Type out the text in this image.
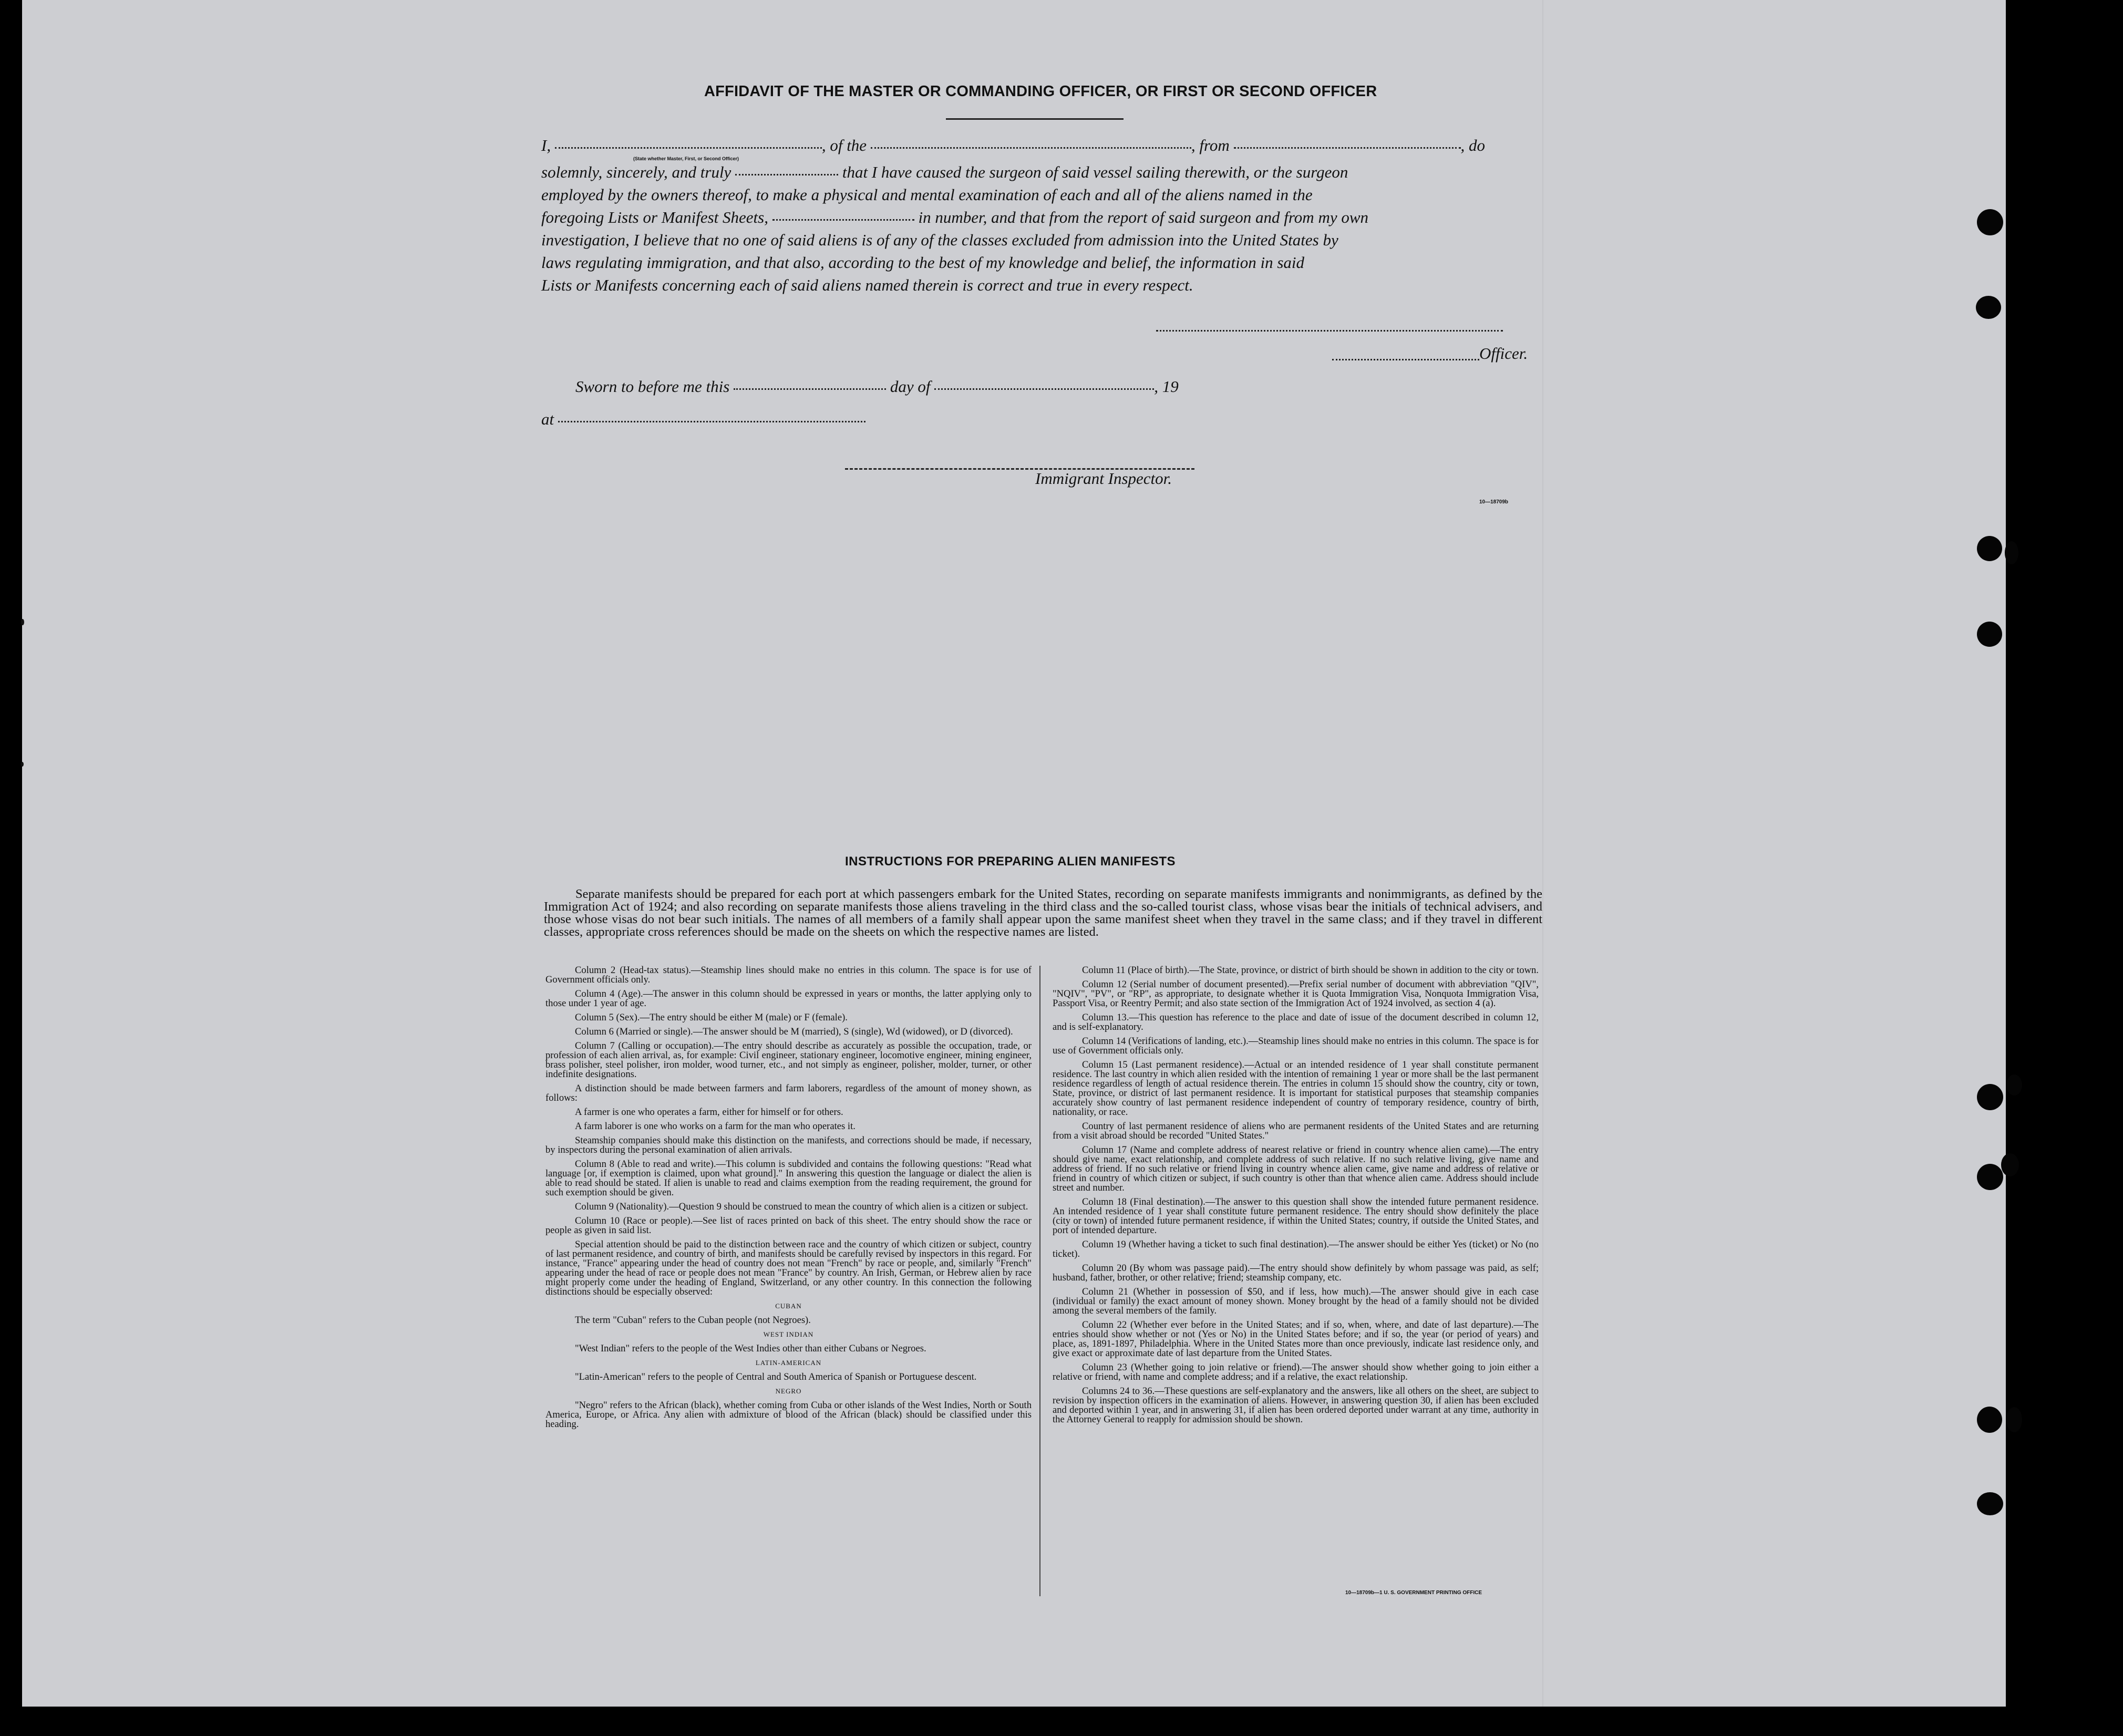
AFFIDAVIT OF THE MASTER OR COMMANDING OFFICER, OR FIRST OR SECOND OFFICER
I,	, of the	, from	, do
(State whether Master, First, or Second Officer)
solemnly, sincerely, and truly	that I have caused the surgeon of said vessel sailing therewith, or the surgeon
employed by the owners thereof, to make a physical and mental examination of each and all of the aliens named in the
foregoing Lists or Manifest Sheets,	in number, and that from the report of said surgeon and from my own
investigation, I believe that no one of said aliens is of any of the classes excluded from admission into the United States by
laws regulating immigration, and that also, according to the best of my knowledge and belief, the information in said
Lists or Manifests concerning each of said aliens named therein is correct and true in every respect.
Officer.
Sworn to before me this	day of	, 19
at
Immigrant Inspector.
10—18709b
INSTRUCTIONS FOR PREPARING ALIEN MANIFESTS
Separate manifests should be prepared for each port at which passengers embark for the United States, recording on separate manifests immigrants and nonimmigrants, as defined by the Immigration Act of 1924; and also recording on separate manifests those aliens traveling in the third class and the so-called tourist class, whose visas bear the initials of technical advisers, and those whose visas do not bear such initials. The names of all members of a family shall appear upon the same manifest sheet when they travel in the same class; and if they travel in different classes, appropriate cross references should be made on the sheets on which the respective names are listed.

Column 2 (Head-tax status).—Steamship lines should make no entries in this column. The space is for use of Government officials only.

Column 4 (Age).—The answer in this column should be expressed in years or months, the latter applying only to those under 1 year of age.

Column 5 (Sex).—The entry should be either M (male) or F (female).

Column 6 (Married or single).—The answer should be M (married), S (single), Wd (widowed), or D (divorced).

Column 7 (Calling or occupation).—The entry should describe as accurately as possible the occupation, trade, or profession of each alien arrival, as, for example: Civil engineer, stationary engineer, locomotive engineer, mining engineer, brass polisher, steel polisher, iron molder, wood turner, etc., and not simply as engineer, polisher, molder, turner, or other indefinite designations.

A distinction should be made between farmers and farm laborers, regardless of the amount of money shown, as follows:

A farmer is one who operates a farm, either for himself or for others.

A farm laborer is one who works on a farm for the man who operates it.

Steamship companies should make this distinction on the manifests, and corrections should be made, if necessary, by inspectors during the personal examination of alien arrivals.

Column 8 (Able to read and write).—This column is subdivided and contains the following questions: "Read what language [or, if exemption is claimed, upon what ground]." In answering this question the language or dialect the alien is able to read should be stated. If alien is unable to read and claims exemption from the reading requirement, the ground for such exemption should be given.

Column 9 (Nationality).—Question 9 should be construed to mean the country of which alien is a citizen or subject.

Column 10 (Race or people).—See list of races printed on back of this sheet. The entry should show the race or people as given in said list.

Special attention should be paid to the distinction between race and the country of which citizen or subject, country of last permanent residence, and country of birth, and manifests should be carefully revised by inspectors in this regard. For instance, "France" appearing under the head of country does not mean "French" by race or people, and, similarly "French" appearing under the head of race or people does not mean "France" by country. An Irish, German, or Hebrew alien by race might properly come under the heading of England, Switzerland, or any other country. In this connection the following distinctions should be especially observed:

CUBAN

The term "Cuban" refers to the Cuban people (not Negroes).

WEST INDIAN

"West Indian" refers to the people of the West Indies other than either Cubans or Negroes.

LATIN-AMERICAN

"Latin-American" refers to the people of Central and South America of Spanish or Portuguese descent.

NEGRO

"Negro" refers to the African (black), whether coming from Cuba or other islands of the West Indies, North or South America, Europe, or Africa. Any alien with admixture of blood of the African (black) should be classified under this heading.

Column 11 (Place of birth).—The State, province, or district of birth should be shown in addition to the city or town.

Column 12 (Serial number of document presented).—Prefix serial number of document with abbreviation "QIV", "NQIV", "PV", or "RP", as appropriate, to designate whether it is Quota Immigration Visa, Nonquota Immigration Visa, Passport Visa, or Reentry Permit; and also state section of the Immigration Act of 1924 involved, as section 4 (a).

Column 13.—This question has reference to the place and date of issue of the document described in column 12, and is self-explanatory.

Column 14 (Verifications of landing, etc.).—Steamship lines should make no entries in this column. The space is for use of Government officials only.

Column 15 (Last permanent residence).—Actual or an intended residence of 1 year shall constitute permanent residence. The last country in which alien resided with the intention of remaining 1 year or more shall be the last permanent residence regardless of length of actual residence therein. The entries in column 15 should show the country, city or town, State, province, or district of last permanent residence. It is important for statistical purposes that steamship companies accurately show country of last permanent residence independent of country of temporary residence, country of birth, nationality, or race.

Country of last permanent residence of aliens who are permanent residents of the United States and are returning from a visit abroad should be recorded "United States."

Column 17 (Name and complete address of nearest relative or friend in country whence alien came).—The entry should give name, exact relationship, and complete address of such relative. If no such relative living, give name and address of friend. If no such relative or friend living in country whence alien came, give name and address of relative or friend in country of which citizen or subject, if such country is other than that whence alien came. Address should include street and number.

Column 18 (Final destination).—The answer to this question shall show the intended future permanent residence. An intended residence of 1 year shall constitute future permanent residence. The entry should show definitely the place (city or town) of intended future permanent residence, if within the United States; country, if outside the United States, and port of intended departure.

Column 19 (Whether having a ticket to such final destination).—The answer should be either Yes (ticket) or No (no ticket).

Column 20 (By whom was passage paid).—The entry should show definitely by whom passage was paid, as self; husband, father, brother, or other relative; friend; steamship company, etc.

Column 21 (Whether in possession of $50, and if less, how much).—The answer should give in each case (individual or family) the exact amount of money shown. Money brought by the head of a family should not be divided among the several members of the family.

Column 22 (Whether ever before in the United States; and if so, when, where, and date of last departure).—The entries should show whether or not (Yes or No) in the United States before; and if so, the year (or period of years) and place, as, 1891-1897, Philadelphia. Where in the United States more than once previously, indicate last residence only, and give exact or approximate date of last departure from the United States.

Column 23 (Whether going to join relative or friend).—The answer should show whether going to join either a relative or friend, with name and complete address; and if a relative, the exact relationship.

Columns 24 to 36.—These questions are self-explanatory and the answers, like all others on the sheet, are subject to revision by inspection officers in the examination of aliens. However, in answering question 30, if alien has been excluded and deported within 1 year, and in answering 31, if alien has been ordered deported under warrant at any time, authority in the Attorney General to reapply for admission should be shown.

10—18709b—1 U. S. GOVERNMENT PRINTING OFFICE
